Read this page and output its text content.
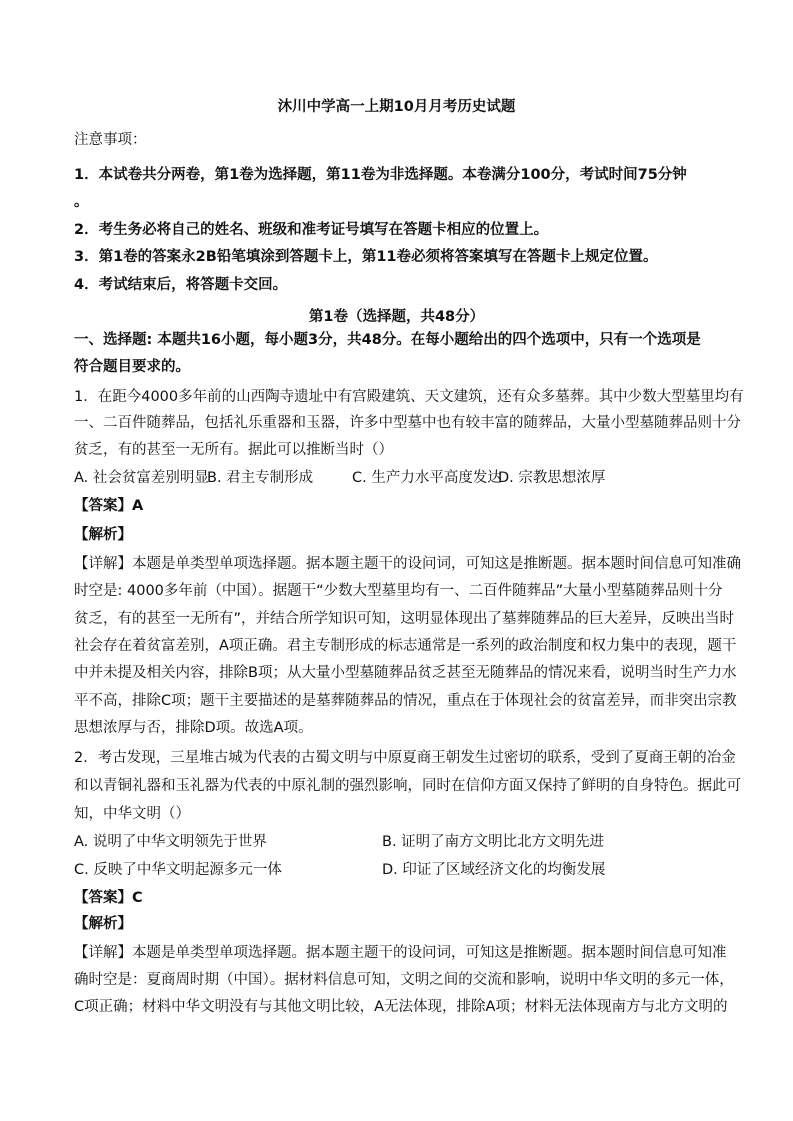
沐川中学高一上期10月月考历史试题
注意事项：
1．本试卷共分两卷，第1卷为选择题，第11卷为非选择题。本卷满分100分，考试时间75分钟
。
2．考生务必将自己的姓名、班级和准考证号填写在答题卡相应的位置上。
3．第1卷的答案永2B铅笔填涂到答题卡上，第11卷必须将答案填写在答题卡上规定位置。
4．考试结束后，将答题卡交回。
第1卷（选择题，共48分）
一、选择题: 本题共16小题，每小题3分，共48分。在每小题给出的四个选项中，只有一个选项是
符合题目要求的。
1．在距今4000多年前的山西陶寺遗址中有宫殿建筑、天文建筑，还有众多墓葬。其中少数大型墓里均有
一、二百件随葬品，包括礼乐重器和玉器，许多中型墓中也有较丰富的随葬品，大量小型墓随葬品则十分
贫乏，有的甚至一无所有。据此可以推断当时（）
A. 社会贫富差别明显
B. 君主专制形成	C. 生产力水平高度发达
D. 宗教思想浓厚
【答案】A
【解析】
【详解】本题是单类型单项选择题。据本题主题干的设问词，可知这是推断题。据本题时间信息可知准确
时空是: 4000多年前（中国）。据题干“少数大型墓里均有一、二百件随葬品”大量小型墓随葬品则十分
贫乏，有的甚至一无所有”，并结合所学知识可知，这明显体现出了墓葬随葬品的巨大差异，反映出当时
社会存在着贫富差别，A项正确。君主专制形成的标志通常是一系列的政治制度和权力集中的表现，题干
中并未提及相关内容，排除B项；从大量小型墓随葬品贫乏甚至无随葬品的情况来看，说明当时生产力水
平不高，排除C项；题干主要描述的是墓葬随葬品的情况，重点在于体现社会的贫富差异，而非突出宗教
思想浓厚与否，排除D项。故选A项。
2．考古发现，三星堆古城为代表的古蜀文明与中原夏商王朝发生过密切的联系，受到了夏商王朝的冶金
和以青铜礼器和玉礼器为代表的中原礼制的强烈影响，同时在信仰方面又保持了鲜明的自身特色。据此可
知，中华文明（）
A. 说明了中华文明领先于世界	B. 证明了南方文明比北方文明先进
C. 反映了中华文明起源多元一体	D. 印证了区域经济文化的均衡发展
【答案】C
【解析】
【详解】本题是单类型单项选择题。据本题主题干的设问词，可知这是推断题。据本题时间信息可知准
确时空是：夏商周时期（中国）。据材料信息可知，文明之间的交流和影响，说明中华文明的多元一体，
C项正确；材料中华文明没有与其他文明比较，A无法体现，排除A项；材料无法体现南方与北方文明的
